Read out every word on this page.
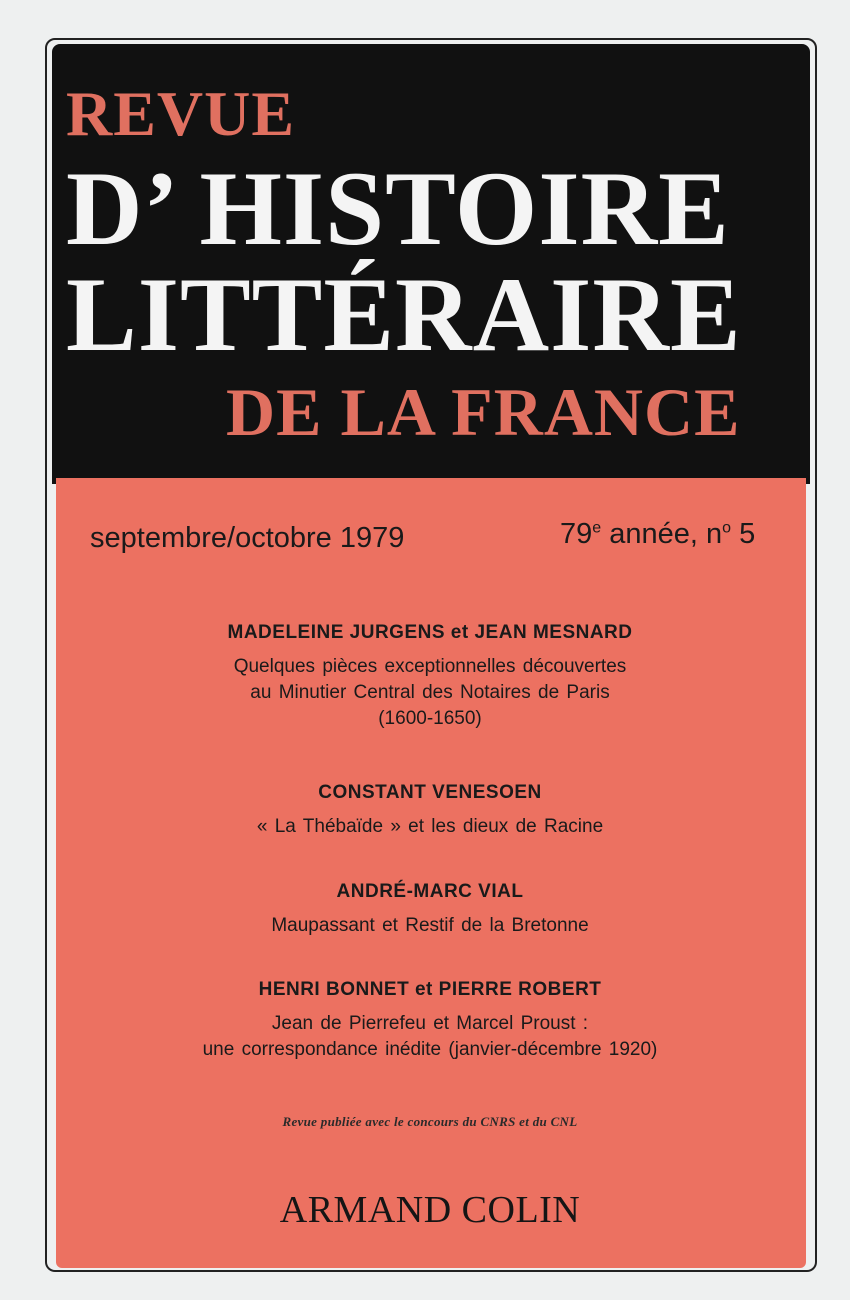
REVUE
D’ HISTOIRE
LITTÉRAIRE
DE LA FRANCE
septembre/octobre 1979	79e année, $n^o$ 5

MADELEINE JURGENS et JEAN MESNARD

Quelques pièces exceptionnelles découvertes

au Minutier Central des Notaires de Paris

(1600-1650)

CONSTANT VENESOEN

« La Thébaïde » et les dieux de Racine

ANDRÉ-MARC VIAL

Maupassant et Restif de la Bretonne

HENRI BONNET et PIERRE ROBERT

Jean de Pierrefeu et Marcel Proust :

une correspondance inédite (janvier-décembre 1920)

Revue publiée avec le concours du CNRS et du CNL
ARMAND COLIN
